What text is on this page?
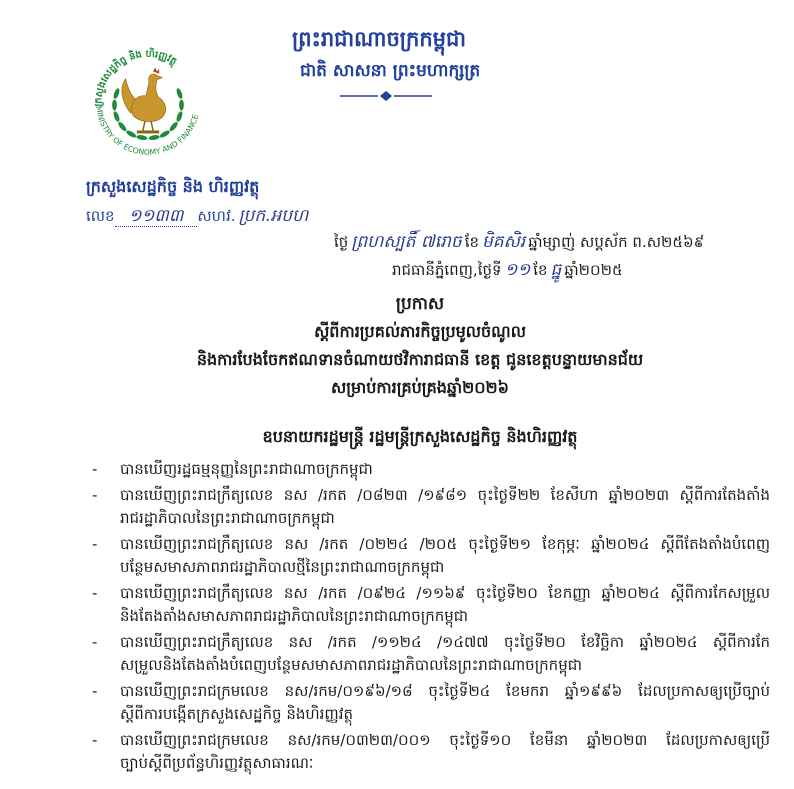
ព្រះរាជាណាចក្រកម្ពុជា
ជាតិ សាសនា ព្រះមហាក្សត្រ
ក្រសួងសេដ្ឋកិច្ច និង ហិរញ្ញវត្ថុ
MINISTRY OF ECONOMY AND FINANCE
ក្រសួងសេដ្ឋកិច្ច និង ហិរញ្ញវត្ថុ
លេខ ១១៣៣ សហវ. ប្រក.អបហ
ថ្ងៃ ព្រហស្បតិ៍ ៧រោច ខែ មិគសិរ ឆ្នាំម្សាញ់ សប្តស័ក ព.ស២៥៦៩
រាជធានីភ្នំពេញ,ថ្ងៃទី ១១ ខែ ធ្នូ ឆ្នាំ២០២៥
ប្រកាស
ស្តីពីការប្រគល់ភារកិច្ចប្រមូលចំណូល
និងការបែងចែកឥណទានចំណាយថវិការាជធានី ខេត្ត ជូនខេត្តបន្ទាយមានជ័យ
សម្រាប់ការគ្រប់គ្រងឆ្នាំ២០២៦
ឧបនាយករដ្ឋមន្ត្រី រដ្ឋមន្ត្រីក្រសួងសេដ្ឋកិច្ច និងហិរញ្ញវត្ថុ
- បានឃើញរដ្ឋធម្មនុញ្ញនៃព្រះរាជាណាចក្រកម្ពុជា
- បានឃើញព្រះរាជក្រឹត្យលេខ នស /រកត /០៨២៣ /១៩៨១ ចុះថ្ងៃទី២២ ខែសីហា ឆ្នាំ២០២៣ ស្តីពីការតែងតាំង
រាជរដ្ឋាភិបាលនៃព្រះរាជាណាចក្រកម្ពុជា
- បានឃើញព្រះរាជក្រឹត្យលេខ នស /រកត /០២២៤ /២០៥ ចុះថ្ងៃទី២១ ខែកុម្ភៈ ឆ្នាំ២០២៤ ស្តីពីតែងតាំងបំពេញ
បន្ថែមសមាសភាពរាជរដ្ឋាភិបាលថ្មីនៃព្រះរាជាណាចក្រកម្ពុជា
- បានឃើញព្រះរាជក្រឹត្យលេខ នស /រកត /០៩២៤ /១១៦៩ ចុះថ្ងៃទី២០ ខែកញ្ញា ឆ្នាំ២០២៤ ស្តីពីការកែសម្រួល
និងតែងតាំងសមាសភាពរាជរដ្ឋាភិបាលនៃព្រះរាជាណាចក្រកម្ពុជា
- បានឃើញព្រះរាជក្រឹត្យលេខ នស /រកត /១១២៤ /១៤៧៧ ចុះថ្ងៃទី២០ ខែវិច្ឆិកា ឆ្នាំ២០២៤ ស្តីពីការកែ
សម្រួលនិងតែងតាំងបំពេញបន្ថែមសមាសភាពរាជរដ្ឋាភិបាលនៃព្រះរាជាណាចក្រកម្ពុជា
- បានឃើញព្រះរាជក្រមលេខ នស/រកម/០១៩៦/១៨ ចុះថ្ងៃទី២៤ ខែមករា ឆ្នាំ១៩៩៦ ដែលប្រកាសឲ្យប្រើច្បាប់
ស្តីពីការបង្កើតក្រសួងសេដ្ឋកិច្ច និងហិរញ្ញវត្ថុ
- បានឃើញព្រះរាជក្រមលេខ នស/រកម/០៣២៣/០០១ ចុះថ្ងៃទី១០ ខែមីនា ឆ្នាំ២០២៣ ដែលប្រកាសឲ្យប្រើ
ច្បាប់ស្តីពីប្រព័ន្ធហិរញ្ញវត្ថុសាធារណៈ
